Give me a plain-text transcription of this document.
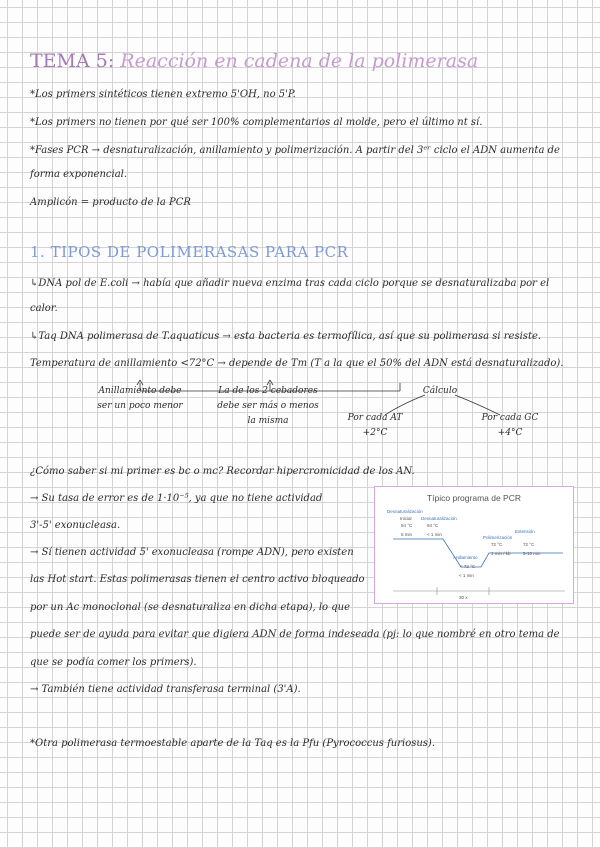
TEMA 5: Reacción en cadena de la polimerasa
*Los primers sintéticos tienen extremo 5'OH, no 5'P.
*Los primers no tienen por qué ser 100% complementarios al molde, pero el último nt sí.
*Fases PCR → desnaturalización, anillamiento y polimerización. A partir del 3ᵉʳ ciclo el ADN aumenta de
forma exponencial.
Amplicón = producto de la PCR
1. TIPOS DE POLIMERASAS PARA PCR
↳DNA pol de E.coli → había que añadir nueva enzima tras cada ciclo porque se desnaturalizaba por el
calor.
↳Taq DNA polimerasa de T.aquaticus → esta bacteria es termofílica, así que su polimerasa si resiste.
Temperatura de anillamiento <72°C → depende de Tm (T a la que el 50% del ADN está desnaturalizado).
Anillamiento debe
ser un poco menor
La de los 2 cebadores
debe ser más o menos
la misma
Cálculo
Por cada AT
+2°C
Por cada GC
+4°C
¿Cómo saber si mi primer es bc o mc? Recordar hipercromicidad de los AN.
→ Su tasa de error es de 1·10⁻⁵, ya que no tiene actividad
3'-5' exonucleasa.
→ Sí tienen actividad 5' exonucleasa (rompe ADN), pero existen
las Hot start. Estas polimerasas tienen el centro activo bloqueado
por un Ac monoclonal (se desnaturaliza en dicha etapa), lo que
puede ser de ayuda para evitar que digiera ADN de forma indeseada (pj: lo que nombré en otro tema de
que se podía comer los primers).
→ También tiene actividad transferasa terminal (3'A).
*Otra polimerasa termoestable aparte de la Taq es la Pfu (Pyrococcus furiosus).
Típico programa de PCR
Desnaturalización
Inicial Desnaturalización
94 °C	94 °C
5 min	< 1 min
Extensión
Polimerización
72 °C	72 °C
1 min / kb	5-10 min
Anillamiento
< 72 °C
< 1 min
30 x
